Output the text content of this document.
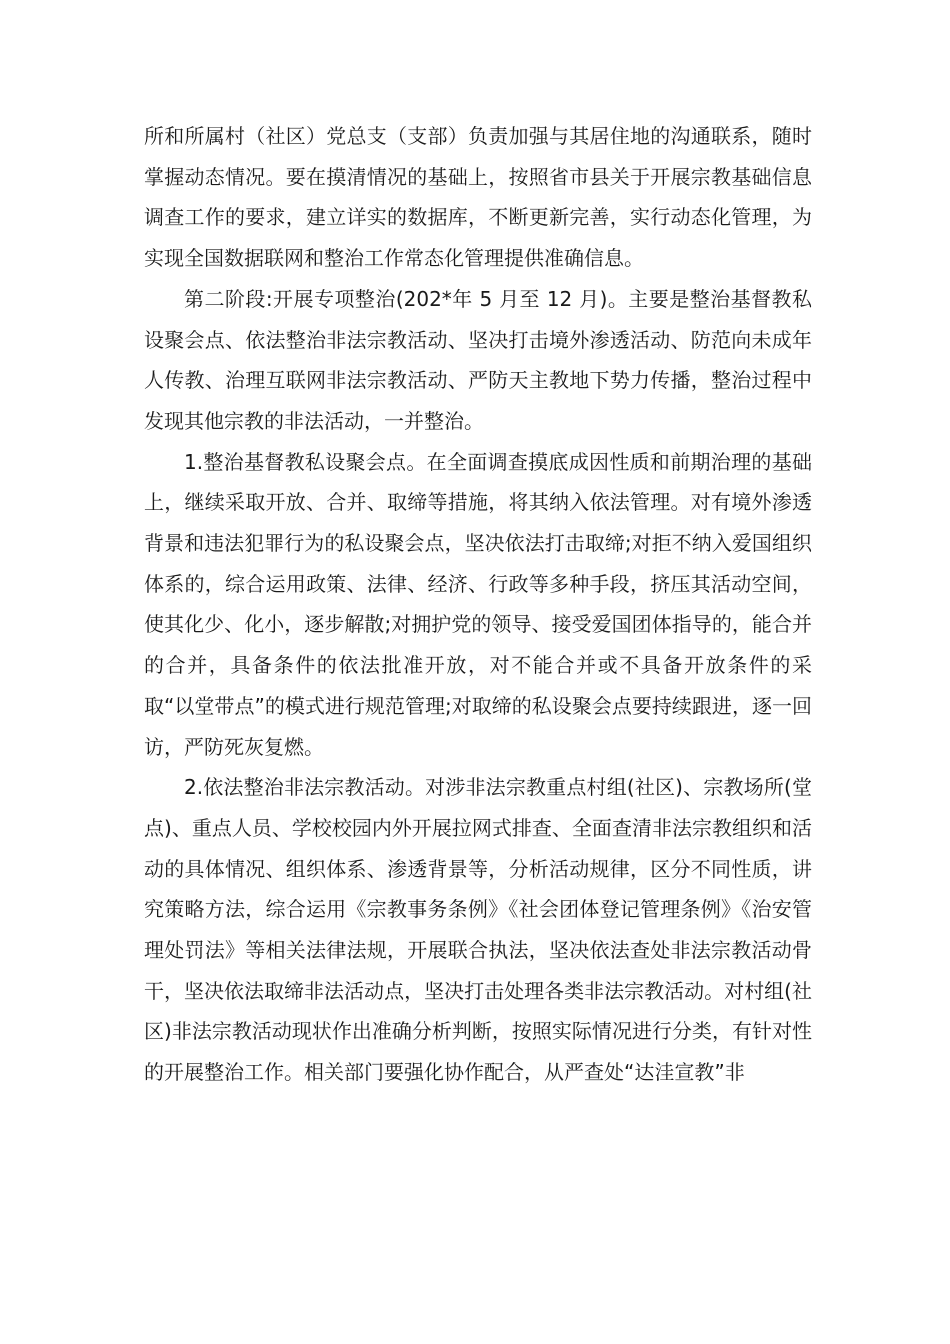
所和所属村（社区）党总支（支部）负责加强与其居住地的沟通联系，随时掌握动态情况。要在摸清情况的基础上，按照省市县关于开展宗教基础信息调查工作的要求，建立详实的数据库，不断更新完善，实行动态化管理，为实现全国数据联网和整治工作常态化管理提供准确信息。

第二阶段:开展专项整治(202*年 5 月至 12 月)。主要是整治基督教私设聚会点、依法整治非法宗教活动、坚决打击境外渗透活动、防范向未成年人传教、治理互联网非法宗教活动、严防天主教地下势力传播，整治过程中发现其他宗教的非法活动，一并整治。

1.整治基督教私设聚会点。在全面调查摸底成因性质和前期治理的基础上，继续采取开放、合并、取缔等措施，将其纳入依法管理。对有境外渗透背景和违法犯罪行为的私设聚会点，坚决依法打击取缔;对拒不纳入爱国组织体系的，综合运用政策、法律、经济、行政等多种手段，挤压其活动空间，使其化少、化小，逐步解散;对拥护党的领导、接受爱国团体指导的，能合并的合并，具备条件的依法批准开放，对不能合并或不具备开放条件的采取“以堂带点”的模式进行规范管理;对取缔的私设聚会点要持续跟进，逐一回访，严防死灰复燃。

2.依法整治非法宗教活动。对涉非法宗教重点村组(社区)、宗教场所(堂点)、重点人员、学校校园内外开展拉网式排查、全面查清非法宗教组织和活动的具体情况、组织体系、渗透背景等，分析活动规律，区分不同性质，讲究策略方法，综合运用《宗教事务条例》《社会团体登记管理条例》《治安管理处罚法》等相关法律法规，开展联合执法，坚决依法查处非法宗教活动骨干，坚决依法取缔非法活动点，坚决打击处理各类非法宗教活动。对村组(社区)非法宗教活动现状作出准确分析判断，按照实际情况进行分类，有针对性的开展整治工作。相关部门要强化协作配合，从严查处“达洼宣教”非
